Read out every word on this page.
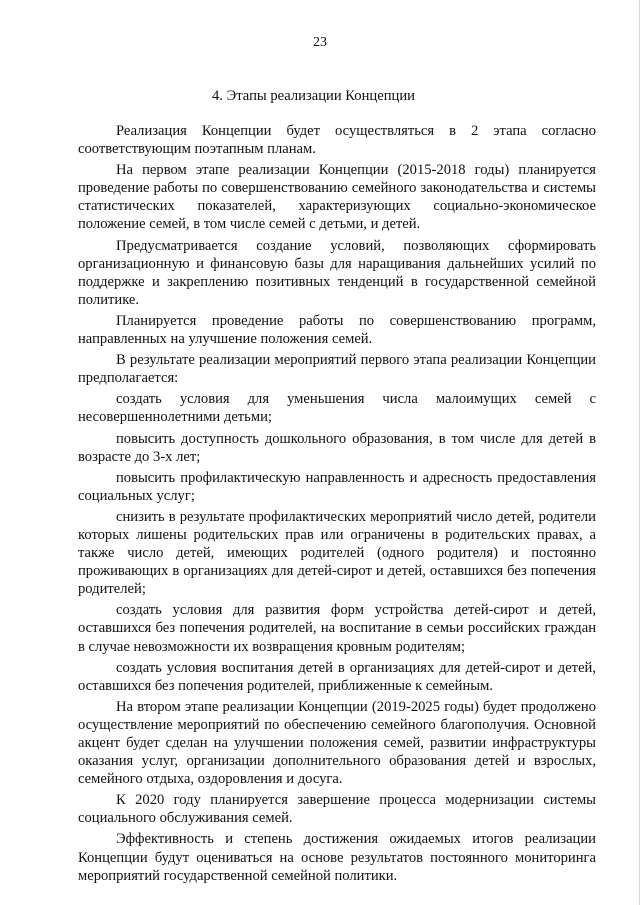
23
4. Этапы реализации Концепции

Реализация Концепции будет осуществляться в 2 этапа согласно соответствующим поэтапным планам.

На первом этапе реализации Концепции (2015-2018 годы) планируется проведение работы по совершенствованию семейного законодательства и системы статистических показателей, характеризующих социально-экономическое положение семей, в том числе семей с детьми, и детей.

Предусматривается создание условий, позволяющих сформировать организационную и финансовую базы для наращивания дальнейших усилий по поддержке и закреплению позитивных тенденций в государственной семейной политике.

Планируется проведение работы по совершенствованию программ, направленных на улучшение положения семей.

В результате реализации мероприятий первого этапа реализации Концепции предполагается:

создать условия для уменьшения числа малоимущих семей с несовершеннолетними детьми;

повысить доступность дошкольного образования, в том числе для детей в возрасте до 3-х лет;

повысить профилактическую направленность и адресность предоставления социальных услуг;

снизить в результате профилактических мероприятий число детей, родители которых лишены родительских прав или ограничены в родительских правах, а также число детей, имеющих родителей (одного родителя) и постоянно проживающих в организациях для детей-сирот и детей, оставшихся без попечения родителей;

создать условия для развития форм устройства детей-сирот и детей, оставшихся без попечения родителей, на воспитание в семьи российских граждан в случае невозможности их возвращения кровным родителям;

создать условия воспитания детей в организациях для детей-сирот и детей, оставшихся без попечения родителей, приближенные к семейным.

На втором этапе реализации Концепции (2019-2025 годы) будет продолжено осуществление мероприятий по обеспечению семейного благополучия. Основной акцент будет сделан на улучшении положения семей, развитии инфраструктуры оказания услуг, организации дополнительного образования детей и взрослых, семейного отдыха, оздоровления и досуга.

К 2020 году планируется завершение процесса модернизации системы социального обслуживания семей.

Эффективность и степень достижения ожидаемых итогов реализации Концепции будут оцениваться на основе результатов постоянного мониторинга мероприятий государственной семейной политики.
